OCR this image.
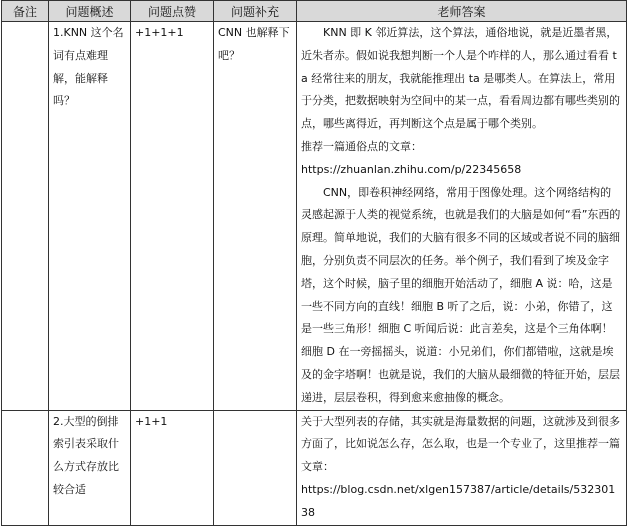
备注	问题概述	问题点赞	问题补充	老师答案
	1.KNN 这个名词有点难理解，能解释吗？	+1+1+1	CNN 也解释下吧？	KNN 即 K 邻近算法，这个算法，通俗地说，就是近墨者黑，近朱者赤。假如说我想判断一个人是个咋样的人，那么通过看看 ta 经常往来的朋友，我就能推理出 ta 是哪类人。在算法上，常用于分类，把数据映射为空间中的某一点，看看周边都有哪些类别的点，哪些离得近，再判断这个点是属于哪个类别。
推荐一篇通俗点的文章：
https://zhuanlan.zhihu.com/p/22345658
CNN，即卷积神经网络，常用于图像处理。这个网络结构的灵感起源于人类的视觉系统，也就是我们的大脑是如何“看”东西的原理。简单地说，我们的大脑有很多不同的区域或者说不同的脑细胞，分别负责不同层次的任务。举个例子，我们看到了埃及金字塔，这个时候，脑子里的细胞开始活动了，细胞 A 说：哈，这是一些不同方向的直线！细胞 B 听了之后，说：小弟，你错了，这是一些三角形！细胞 C 听闻后说：此言差矣，这是个三角体啊！细胞 D 在一旁摇摇头，说道：小兄弟们，你们都错啦，这就是埃及的金字塔啊！也就是说，我们的大脑从最细微的特征开始，层层递进，层层卷积，得到愈来愈抽像的概念。

	2.大型的倒排索引表采取什么方式存放比较合适	+1+1		关于大型列表的存储，其实就是海量数据的问题，这就涉及到很多方面了，比如说怎么存，怎么取，也是一个专业了，这里推荐一篇文章：
https://blog.csdn.net/xlgen157387/article/details/53230138
